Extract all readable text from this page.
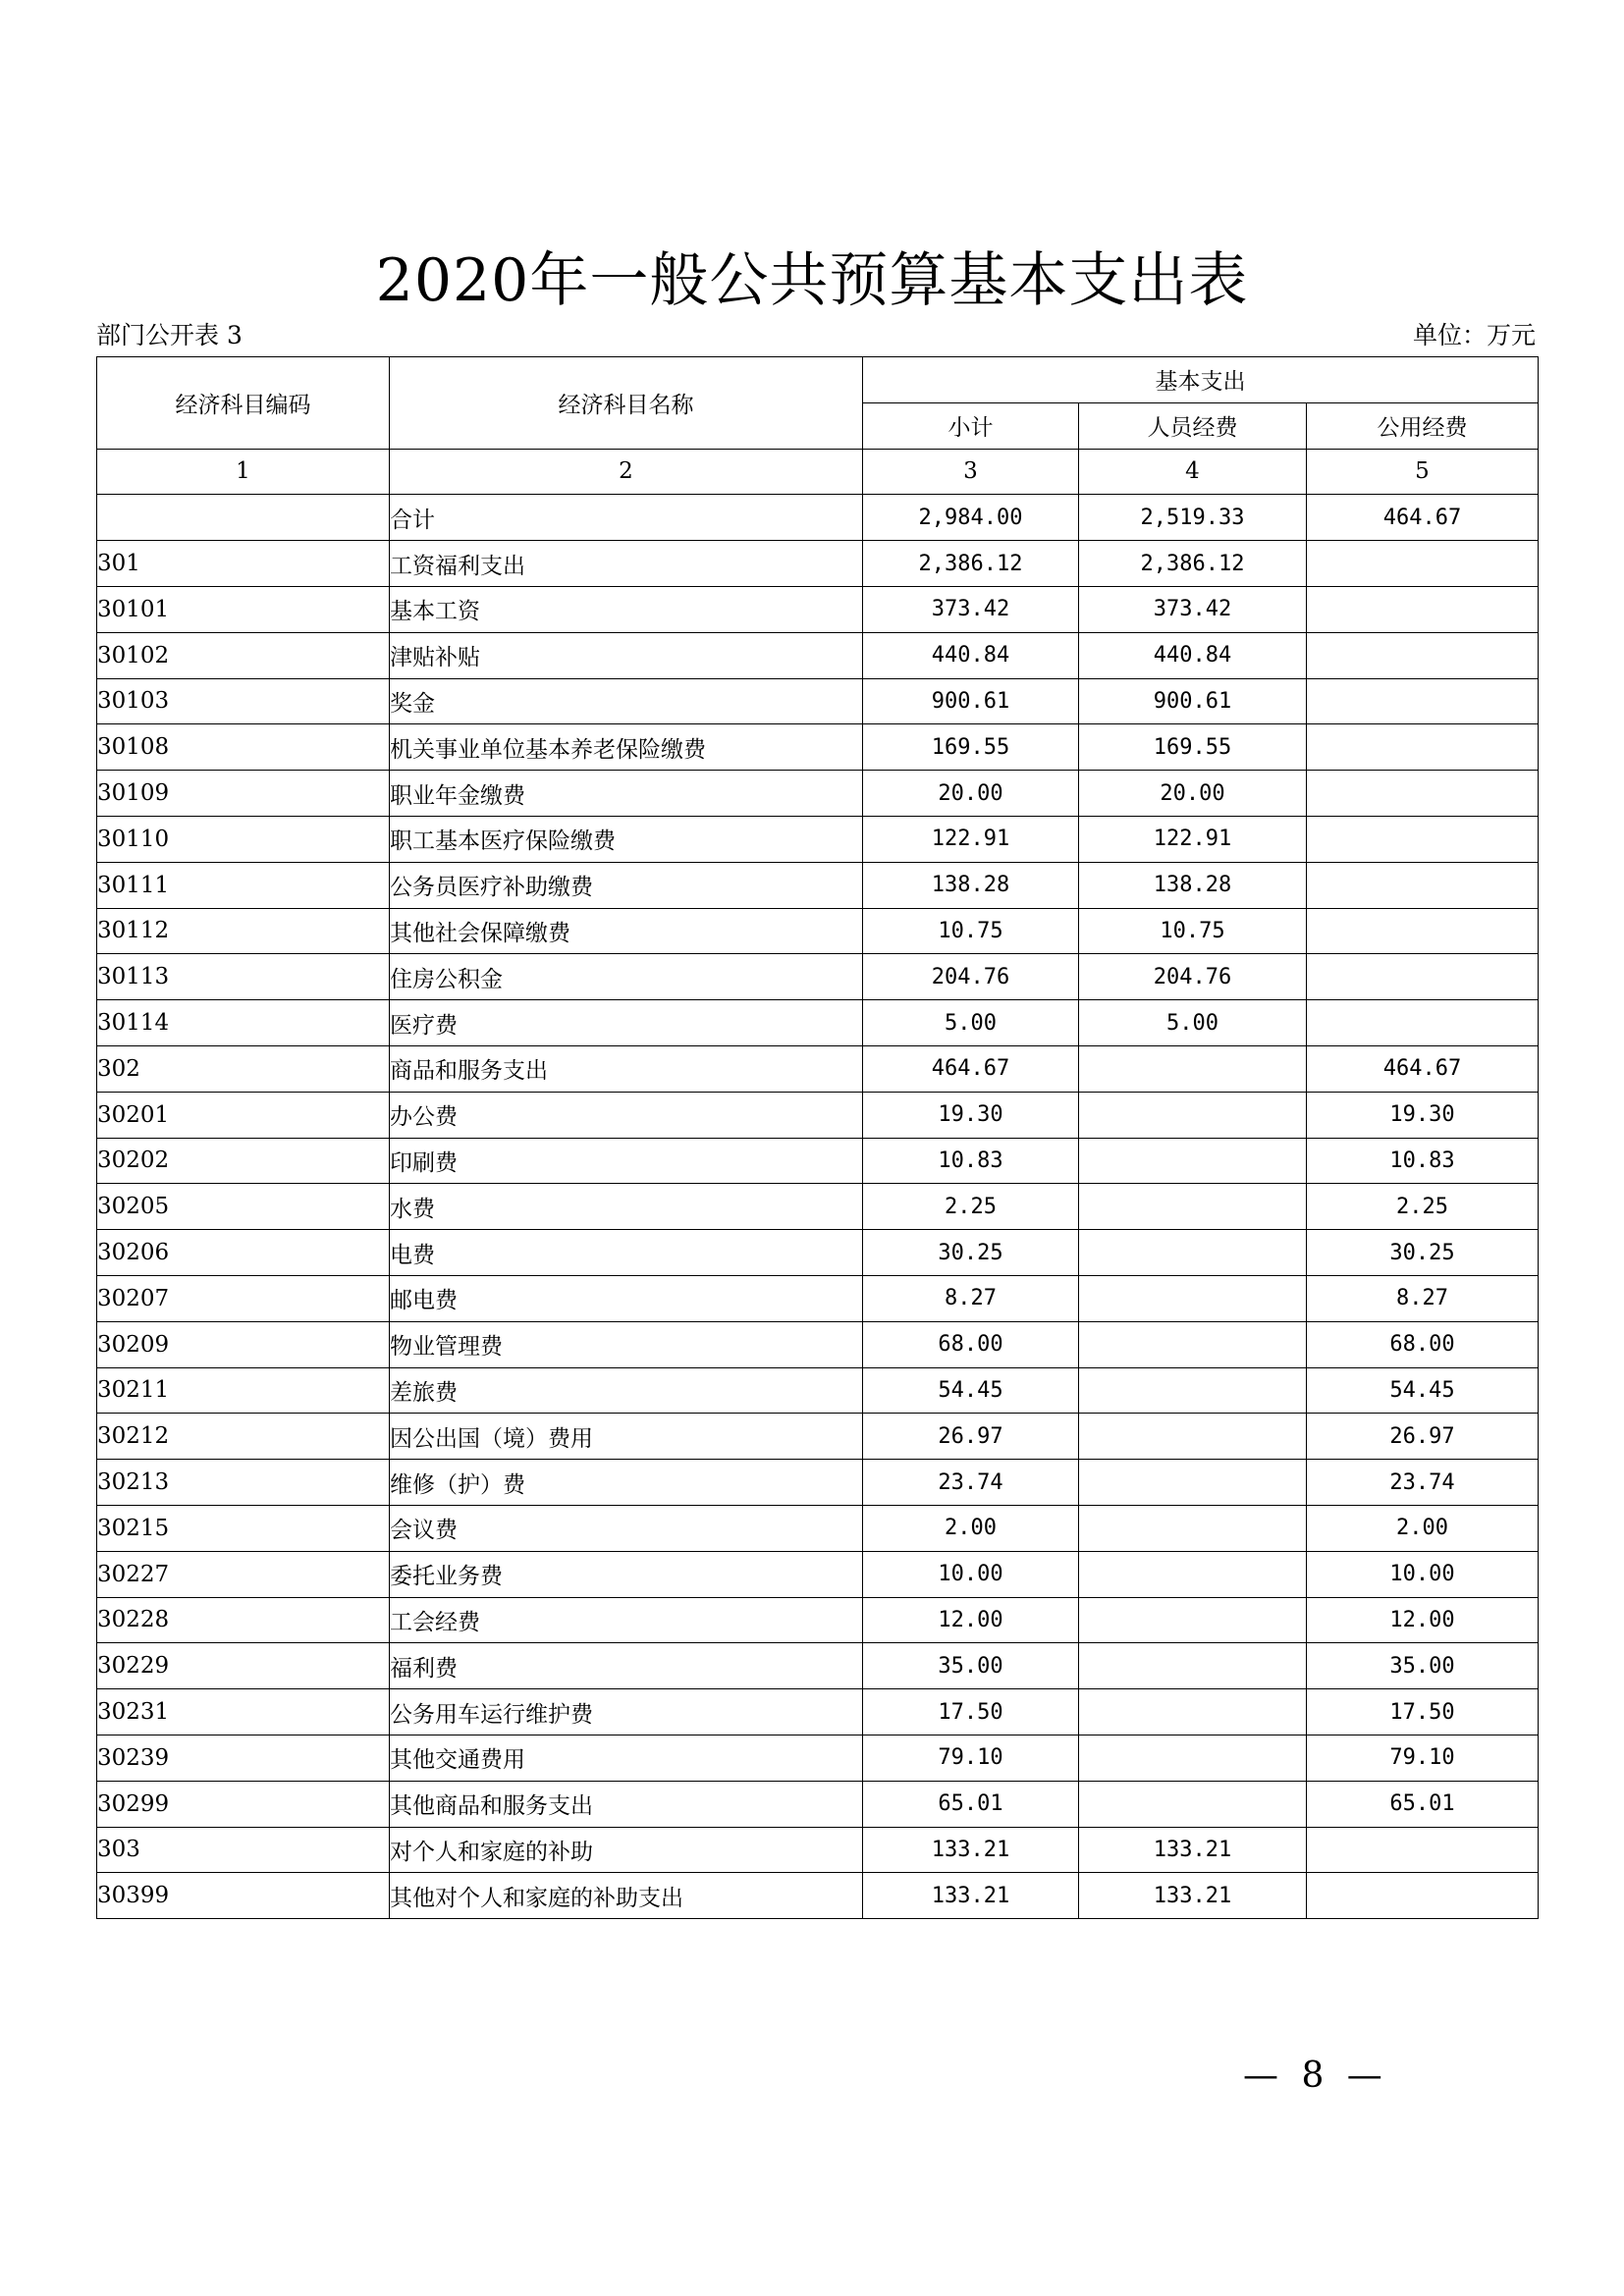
2020年一般公共预算基本支出表
部门公开表 3	单位：万元
经济科目编码	经济科目名称	基本支出		
		小计	人员经费	公用经费
1	2	3	4	5
	合计	2,984.00	2,519.33	464.67
301	工资福利支出	2,386.12	2,386.12	
30101	基本工资	373.42	373.42	
30102	津贴补贴	440.84	440.84	
30103	奖金	900.61	900.61	
30108	机关事业单位基本养老保险缴费	169.55	169.55	
30109	职业年金缴费	20.00	20.00	
30110	职工基本医疗保险缴费	122.91	122.91	
30111	公务员医疗补助缴费	138.28	138.28	
30112	其他社会保障缴费	10.75	10.75	
30113	住房公积金	204.76	204.76	
30114	医疗费	5.00	5.00	
302	商品和服务支出	464.67		464.67
30201	办公费	19.30		19.30
30202	印刷费	10.83		10.83
30205	水费	2.25		2.25
30206	电费	30.25		30.25
30207	邮电费	8.27		8.27
30209	物业管理费	68.00		68.00
30211	差旅费	54.45		54.45
30212	因公出国（境）费用	26.97		26.97
30213	维修（护）费	23.74		23.74
30215	会议费	2.00		2.00
30227	委托业务费	10.00		10.00
30228	工会经费	12.00		12.00
30229	福利费	35.00		35.00
30231	公务用车运行维护费	17.50		17.50
30239	其他交通费用	79.10		79.10
30299	其他商品和服务支出	65.01		65.01
303	对个人和家庭的补助	133.21	133.21	
30399	其他对个人和家庭的补助支出	133.21	133.21	
— 8 —
